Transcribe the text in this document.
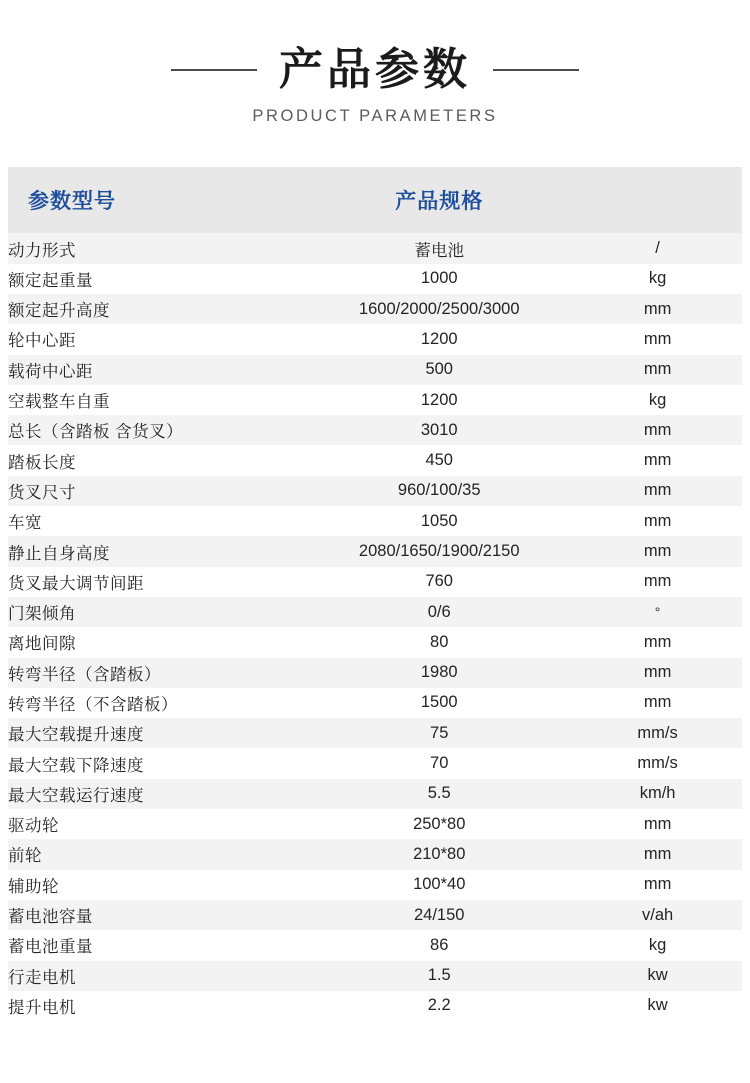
产品参数
PRODUCT PARAMETERS
参数型号	产品规格	
动力形式	蓄电池	/
额定起重量	1000	kg
额定起升高度	1600/2000/2500/3000	mm
轮中心距	1200	mm
载荷中心距	500	mm
空载整车自重	1200	kg
总长（含踏板 含货叉）	3010	mm
踏板长度	450	mm
货叉尺寸	960/100/35	mm
车宽	1050	mm
静止自身高度	2080/1650/1900/2150	mm
货叉最大调节间距	760	mm
门架倾角	0/6	°
离地间隙	80	mm
转弯半径（含踏板）	1980	mm
转弯半径（不含踏板）	1500	mm
最大空载提升速度	75	mm/s
最大空载下降速度	70	mm/s
最大空载运行速度	5.5	km/h
驱动轮	250*80	mm
前轮	210*80	mm
辅助轮	100*40	mm
蓄电池容量	24/150	v/ah
蓄电池重量	86	kg
行走电机	1.5	kw
提升电机	2.2	kw
